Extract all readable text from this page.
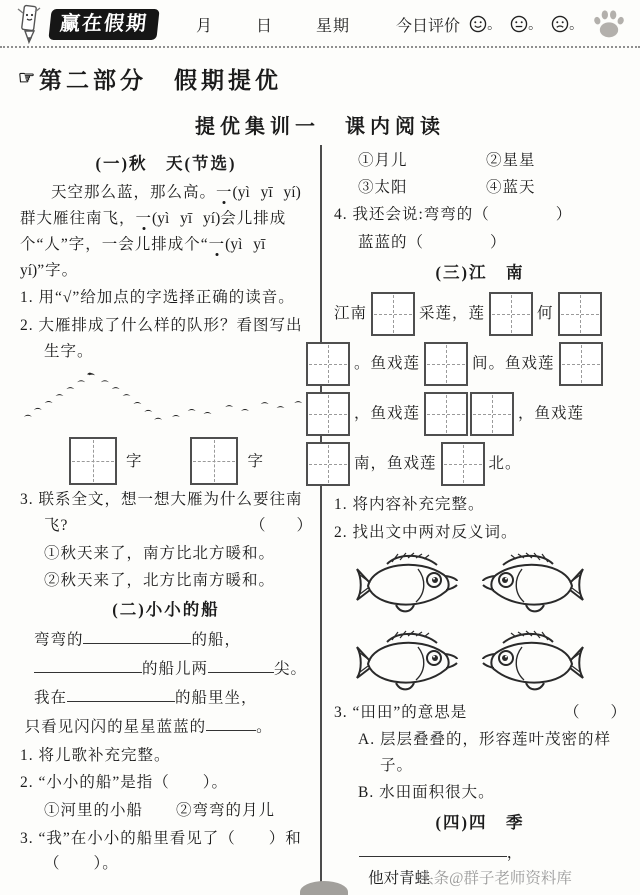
赢在假期	月	日	星期	今日评价 。 。 。
☞ 第二部分　假期提优
提优集训一　课内阅读
(一)秋　天(节选)
天空那么蓝，那么高。一(yì yī yí)群大雁往南飞，一(yì yī yí)会儿排成个“人”字，一会儿排成个“一(yì yī yí)”字。
1. 用“√”给加点的字选择正确的读音。
2. 大雁排成了什么样的队形？看图写出生字。
字	字
3. 联系全文，想一想大雁为什么要往南飞?	（　　）
①秋天来了，南方比北方暖和。
②秋天来了，北方比南方暖和。
(二)小小的船
弯弯的	的船，
的船儿两	尖。
我在	的船里坐，
只看见闪闪的星星蓝蓝的	。
1. 将儿歌补充完整。
2. “小小的船”是指（　　）。
①河里的小船　　②弯弯的月儿
3. “我”在小小的船里看见了（　　）和（　　）。
①月儿	②星星
③太阳	④蓝天
4. 我还会说:弯弯的（　　　　）
蓝蓝的（　　　　）
(三)江　南
江南	采莲，莲	何
。鱼戏莲	间。鱼戏莲
，鱼戏莲	，鱼戏莲
南，鱼戏莲	北。
1. 将内容补充完整。
2. 找出文中两对反义词。
3. “田田”的意思是	（　　）
A. 层层叠叠的，形容莲叶茂密的样子。
B. 水田面积很大。
(四)四　季
，
他对青蛙头条@群子老师资料库
